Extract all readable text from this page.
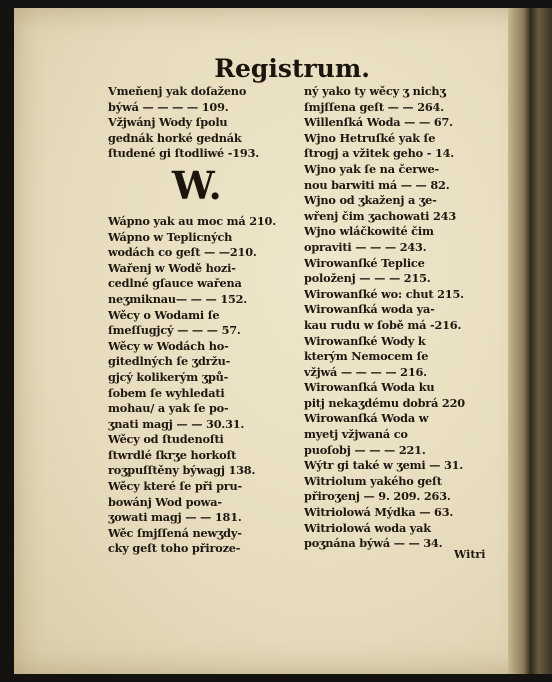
Registrum.
Vmeňenj yak doſaženo
býwá — — — — 109.
Vžjwánj Wody ſpolu
gednák horké gednák
ſtudené gi ſtodliwé -193.
W.
Wápno yak au moc má 210.
Wápno w Teplicných
wodách co geſt — —210.
Wařenj w Wodě hozi-
cedlné gſauce wařena
neʒmiknau— — — 152.
Wěcy o Wodami ſe
ſmeſſugjcý — — — 57.
Wěcy w Wodách ho-
gitedlných ſe ʒdržu-
gjcý kolikerým ʒpů-
ſobem ſe wyhledati
mohau/ a yak ſe po-
ʒnati magj — — 30.31.
Wěcy od ſtudenoſti
ſtwrdlé ſkrʒe horkoſt
roʒpuſſtěny býwagj 138.
Wěcy které ſe při pru-
bowánj Wod powa-
ʒowati magj — — 181.
Wěc ſmjſſená newʒdy-
cky geſt toho přiroze-
ný yako ty wěcy ʒ nichʒ
ſmjſſena geſt — — 264.
Willenſká Woda — — 67.
Wjno Hetruſké yak ſe
ſtrogj a vžitek geho - 14.
Wjno yak ſe na čerwe-
nou barwiti má — — 82.
Wjno od ʒkaženj a ʒe-
wřenj čim ʒachowati 243
Wjno wláčkowité čim
opraviti — — — 243.
Wirowanſké Teplice
položenj — — — 215.
Wirowanſké wo: chut 215.
Wirowanſká woda ya-
kau rudu w ſobě má -216.
Wirowanſké Wody k
kterým Nemocem ſe
vžjwá — — — — 216.
Wirowanſká Woda ku
pitj nekaʒdému dobrá 220
Wirowanſká Woda w
myetj vžjwaná co
puoſobj — — — 221.
Wýtr gi také w ʒemi — 31.
Witriolum yakého geſt
přiroʒenj — 9. 209. 263.
Witriolowá Mýdka — 63.
Witriolowá woda yak
poʒnána býwá — — 34.
Witri
